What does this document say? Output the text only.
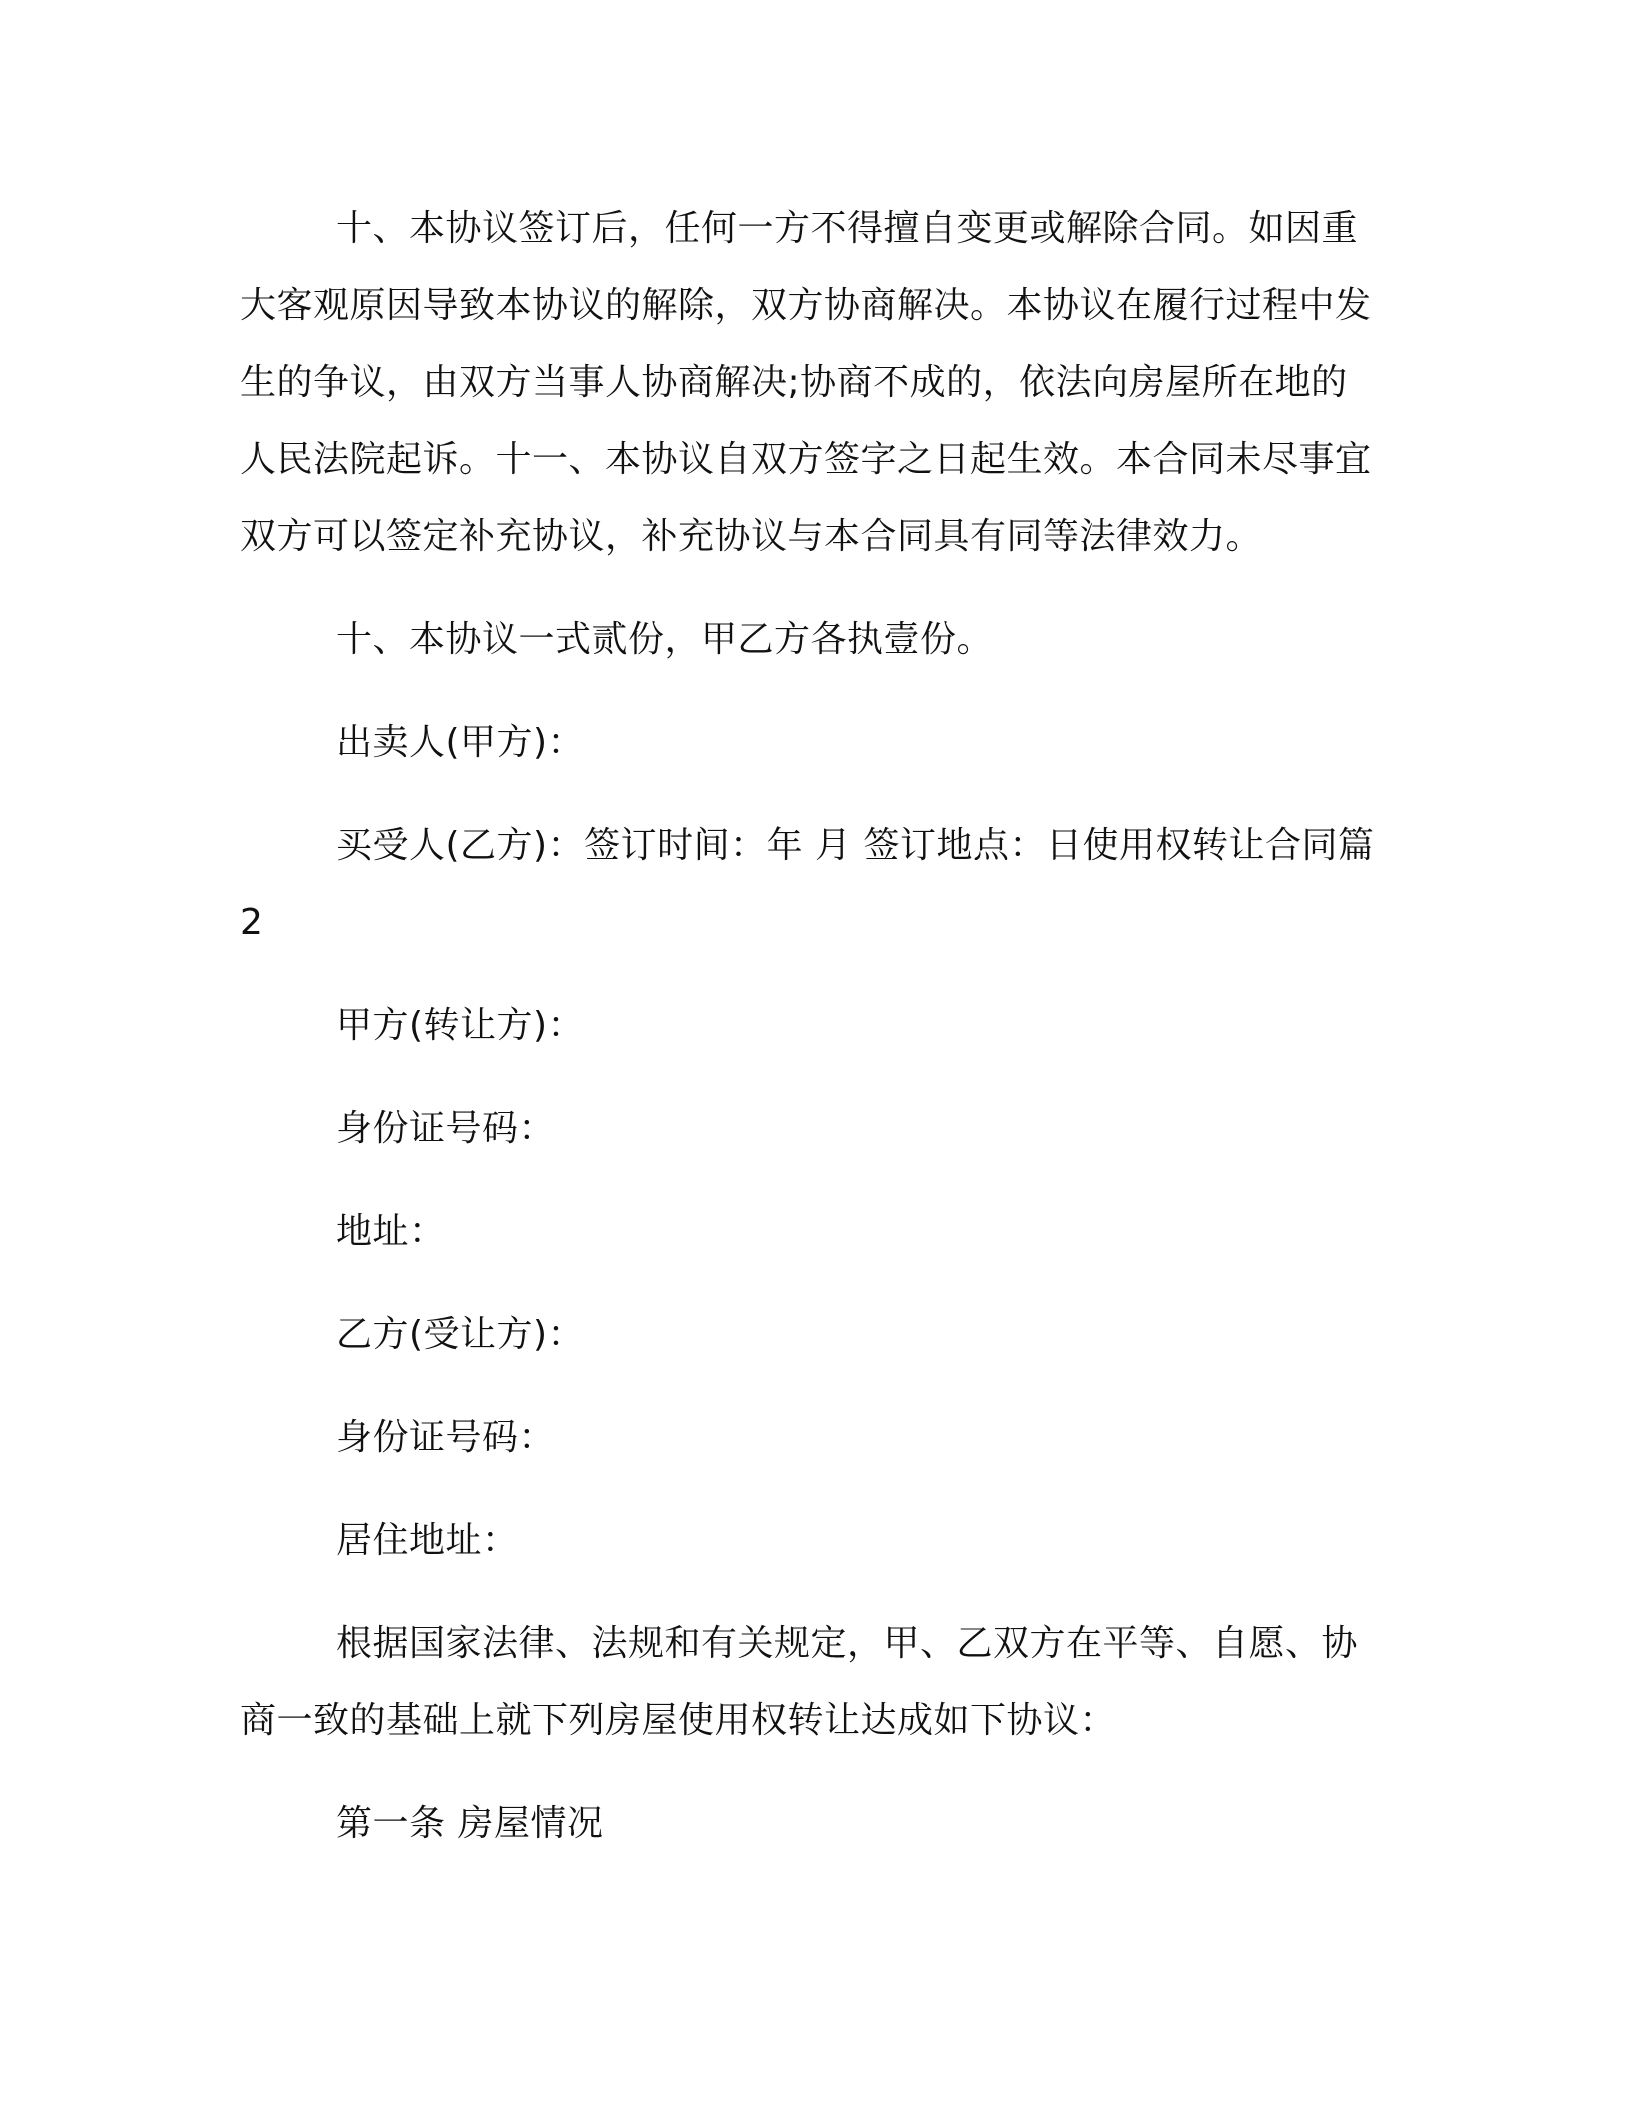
十、本协议签订后，任何一方不得擅自变更或解除合同。如因重大客观原因导致本协议的解除，双方协商解决。本协议在履行过程中发生的争议，由双方当事人协商解决;协商不成的，依法向房屋所在地的人民法院起诉。十一、本协议自双方签字之日起生效。本合同未尽事宜双方可以签定补充协议，补充协议与本合同具有同等法律效力。

十、本协议一式贰份，甲乙方各执壹份。

出卖人(甲方)：

买受人(乙方)：签订时间：年 月 签订地点：日使用权转让合同篇 2

甲方(转让方)：

身份证号码：

地址：

乙方(受让方)：

身份证号码：

居住地址：

根据国家法律、法规和有关规定，甲、乙双方在平等、自愿、协商一致的基础上就下列房屋使用权转让达成如下协议：

第一条 房屋情况
